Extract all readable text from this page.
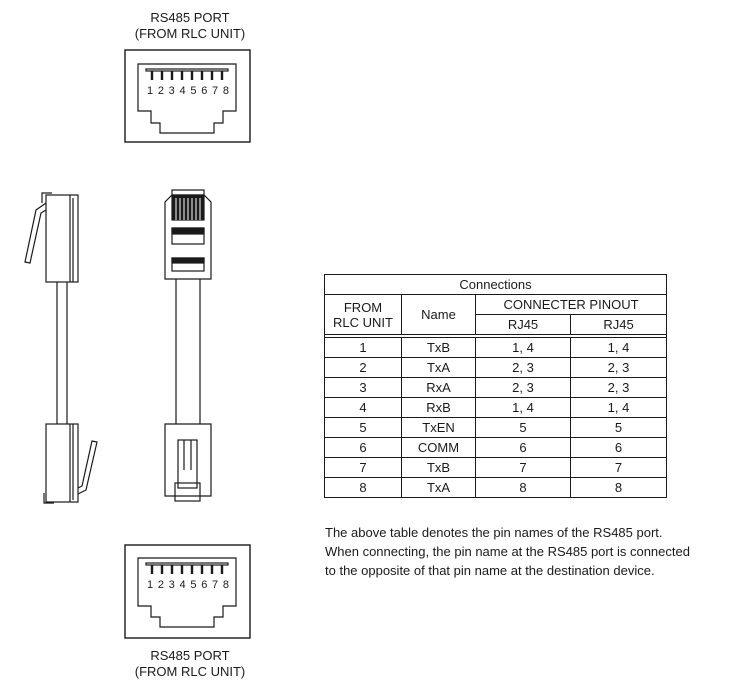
RS485 PORT
(FROM RLC UNIT)
RS485 PORT
(FROM RLC UNIT)
12345678
12345678
Connections			
FROM
RLC UNIT	Name	CONNECTER PINOUT	
		RJ45	RJ45

1	TxB	1, 4	1, 4
2	TxA	2, 3	2, 3
3	RxA	2, 3	2, 3
4	RxB	1, 4	1, 4
5	TxEN	5	5
6	COMM	6	6
7	TxB	7	7
8	TxA	8	8
The above table denotes the pin names of the RS485 port.
When connecting, the pin name at the RS485 port is connected
to the opposite of that pin name at the destination device.
